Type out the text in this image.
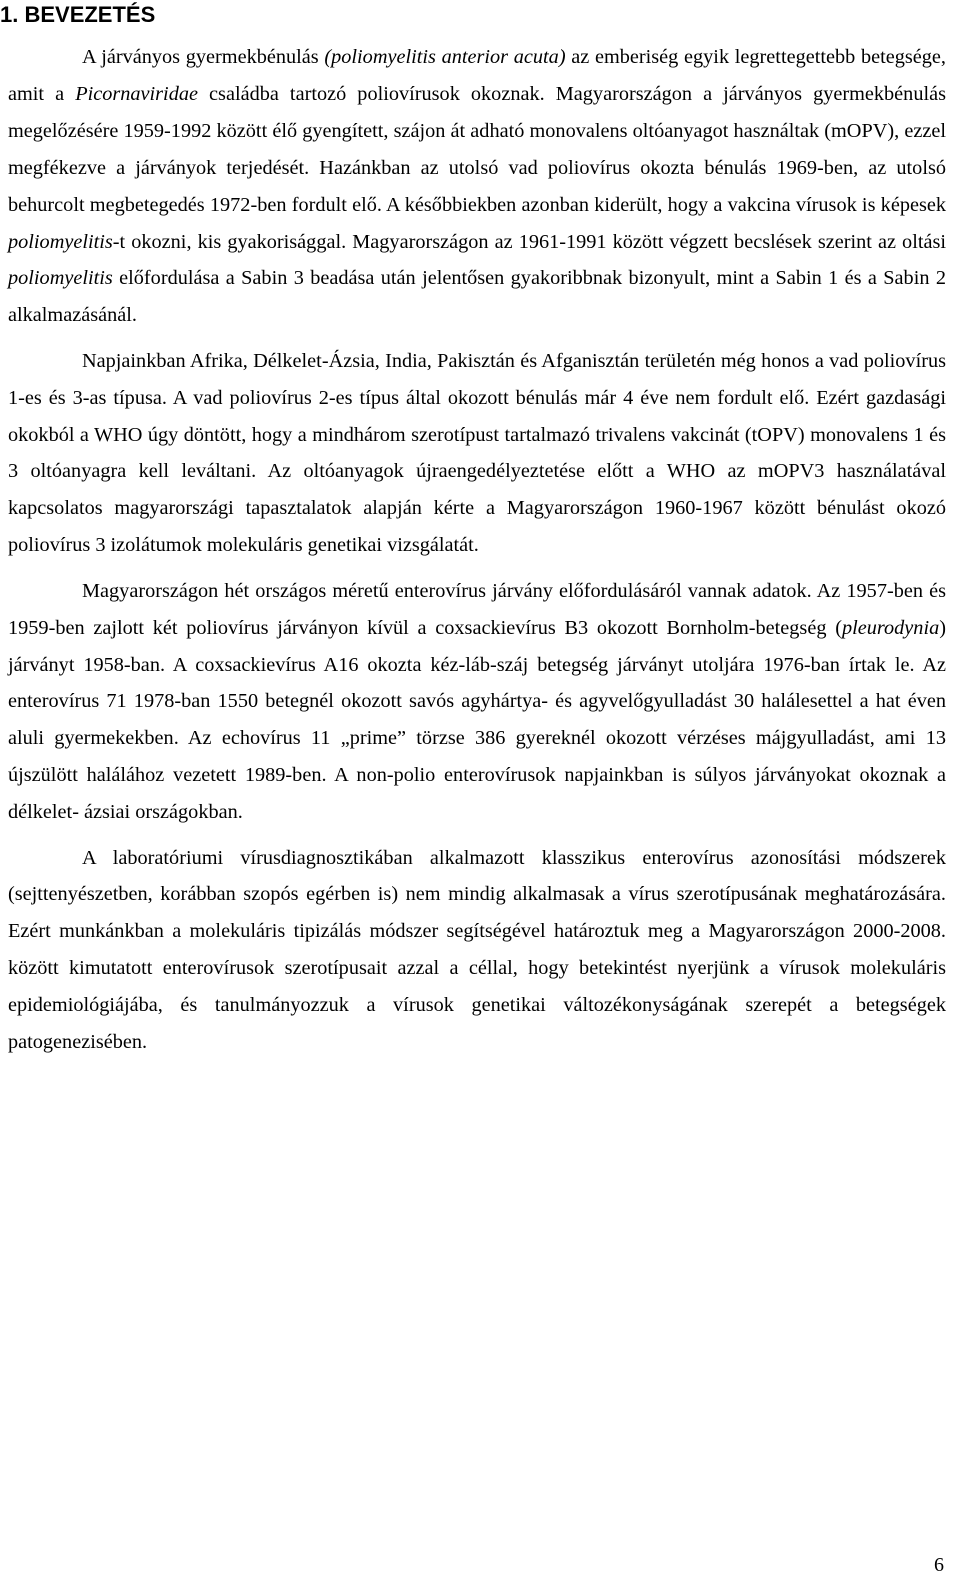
1. BEVEZETÉS

A járványos gyermekbénulás (poliomyelitis anterior acuta) az emberiség egyik legrettegettebb betegsége, amit a Picornaviridae családba tartozó poliovírusok okoznak. Magyarországon a járványos gyermekbénulás megelőzésére 1959-1992 között élő gyengített, szájon át adható monovalens oltóanyagot használtak (mOPV), ezzel megfékezve a járványok terjedését. Hazánkban az utolsó vad poliovírus okozta bénulás 1969-ben, az utolsó behurcolt megbetegedés 1972-ben fordult elő. A későbbiekben azonban kiderült, hogy a vakcina vírusok is képesek poliomyelitis-t okozni, kis gyakorisággal. Magyarországon az 1961-1991 között végzett becslések szerint az oltási poliomyelitis előfordulása a Sabin 3 beadása után jelentősen gyakoribbnak bizonyult, mint a Sabin 1 és a Sabin 2 alkalmazásánál.

Napjainkban Afrika, Délkelet-Ázsia, India, Pakisztán és Afganisztán területén még honos a vad poliovírus 1-es és 3-as típusa. A vad poliovírus 2-es típus által okozott bénulás már 4 éve nem fordult elő. Ezért gazdasági okokból a WHO úgy döntött, hogy a mindhárom szerotípust tartalmazó trivalens vakcinát (tOPV) monovalens 1 és 3 oltóanyagra kell leváltani. Az oltóanyagok újraengedélyeztetése előtt a WHO az mOPV3 használatával kapcsolatos magyarországi tapasztalatok alapján kérte a Magyarországon 1960-1967 között bénulást okozó poliovírus 3 izolátumok molekuláris genetikai vizsgálatát.

Magyarországon hét országos méretű enterovírus járvány előfordulásáról vannak adatok. Az 1957-ben és 1959-ben zajlott két poliovírus járványon kívül a coxsackievírus B3 okozott Bornholm-betegség (pleurodynia) járványt 1958-ban. A coxsackievírus A16 okozta kéz-láb-száj betegség járványt utoljára 1976-ban írtak le. Az enterovírus 71 1978-ban 1550 betegnél okozott savós agyhártya- és agyvelőgyulladást 30 halálesettel a hat éven aluli gyermekekben. Az echovírus 11 „prime” törzse 386 gyereknél okozott vérzéses májgyulladást, ami 13 újszülött halálához vezetett 1989-ben. A non-polio enterovírusok napjainkban is súlyos járványokat okoznak a délkelet- ázsiai országokban.

A laboratóriumi vírusdiagnosztikában alkalmazott klasszikus enterovírus azonosítási módszerek (sejttenyészetben, korábban szopós egérben is) nem mindig alkalmasak a vírus szerotípusának meghatározására. Ezért munkánkban a molekuláris tipizálás módszer segítségével határoztuk meg a Magyarországon 2000-2008. között kimutatott enterovírusok szerotípusait azzal a céllal, hogy betekintést nyerjünk a vírusok molekuláris epidemiológiájába, és tanulmányozzuk a vírusok genetikai változékonyságának szerepét a betegségek patogenezisében.

6
